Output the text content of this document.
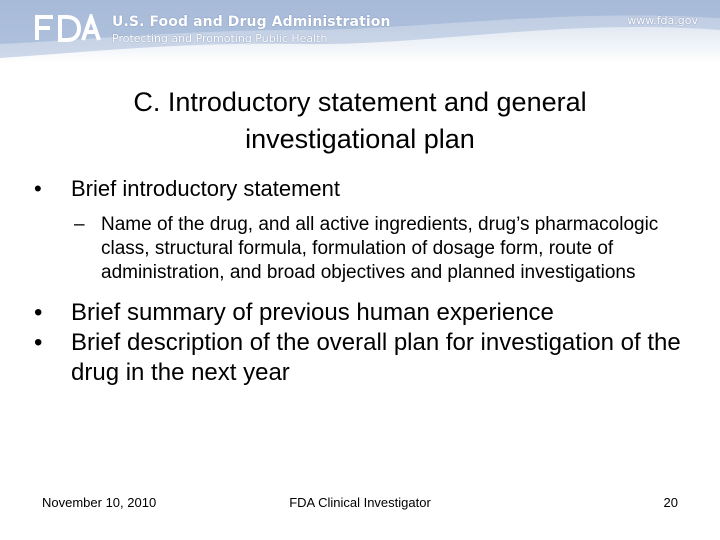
U.S. Food and Drug Administration
Protecting and Promoting Public Health
www.fda.gov
C. Introductory statement and general
investigational plan
• Brief introductory statement
– Name of the drug, and all active ingredients, drug’s pharmacologic class, structural formula, formulation of dosage form, route of administration, and broad objectives and planned investigations
• Brief summary of previous human experience
• Brief description of the overall plan for investigation of the drug in the next year
November 10, 2010	FDA Clinical Investigator	20
